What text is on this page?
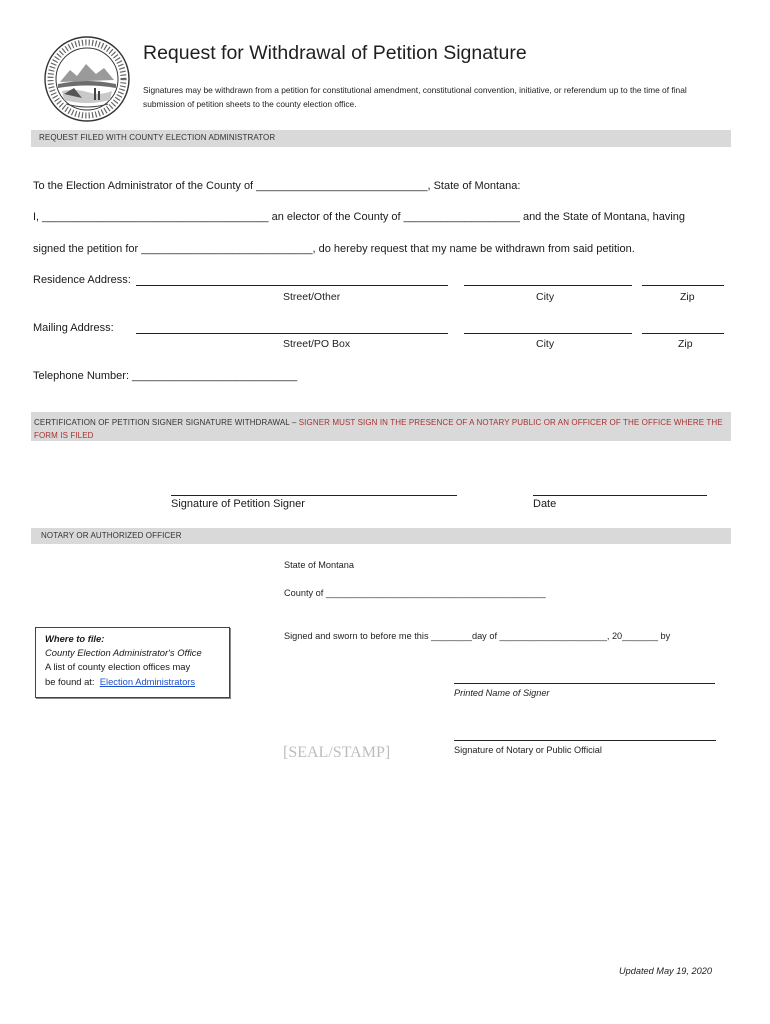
Request for Withdrawal of Petition Signature
Signatures may be withdrawn from a petition for constitutional amendment, constitutional convention, initiative, or referendum up to the time of final submission of petition sheets to the county election office.
REQUEST FILED WITH COUNTY ELECTION ADMINISTRATOR
To the Election Administrator of the County of ____________________________, State of Montana:
I, _____________________________________ an elector of the County of ___________________ and the State of Montana, having
signed the petition for ____________________________, do hereby request that my name be withdrawn from said petition.
Residence Address:
Street/Other	City	Zip
Mailing Address:
Street/PO Box	City	Zip
Telephone Number: ___________________________
CERTIFICATION OF PETITION SIGNER SIGNATURE WITHDRAWAL – SIGNER MUST SIGN IN THE PRESENCE OF A NOTARY PUBLIC OR AN OFFICER OF THE OFFICE WHERE THE FORM IS FILED
Signature of Petition Signer	Date
NOTARY OR AUTHORIZED OFFICER
State of Montana
County of ___________________________________________
Signed and sworn to before me this ________day of _____________________, 20_______ by
Printed Name of Signer
Signature of Notary or Public Official
[SEAL/STAMP]
Where to file:
County Election Administrator's Office
A list of county election offices may
be found at: Election Administrators
Updated May 19, 2020
